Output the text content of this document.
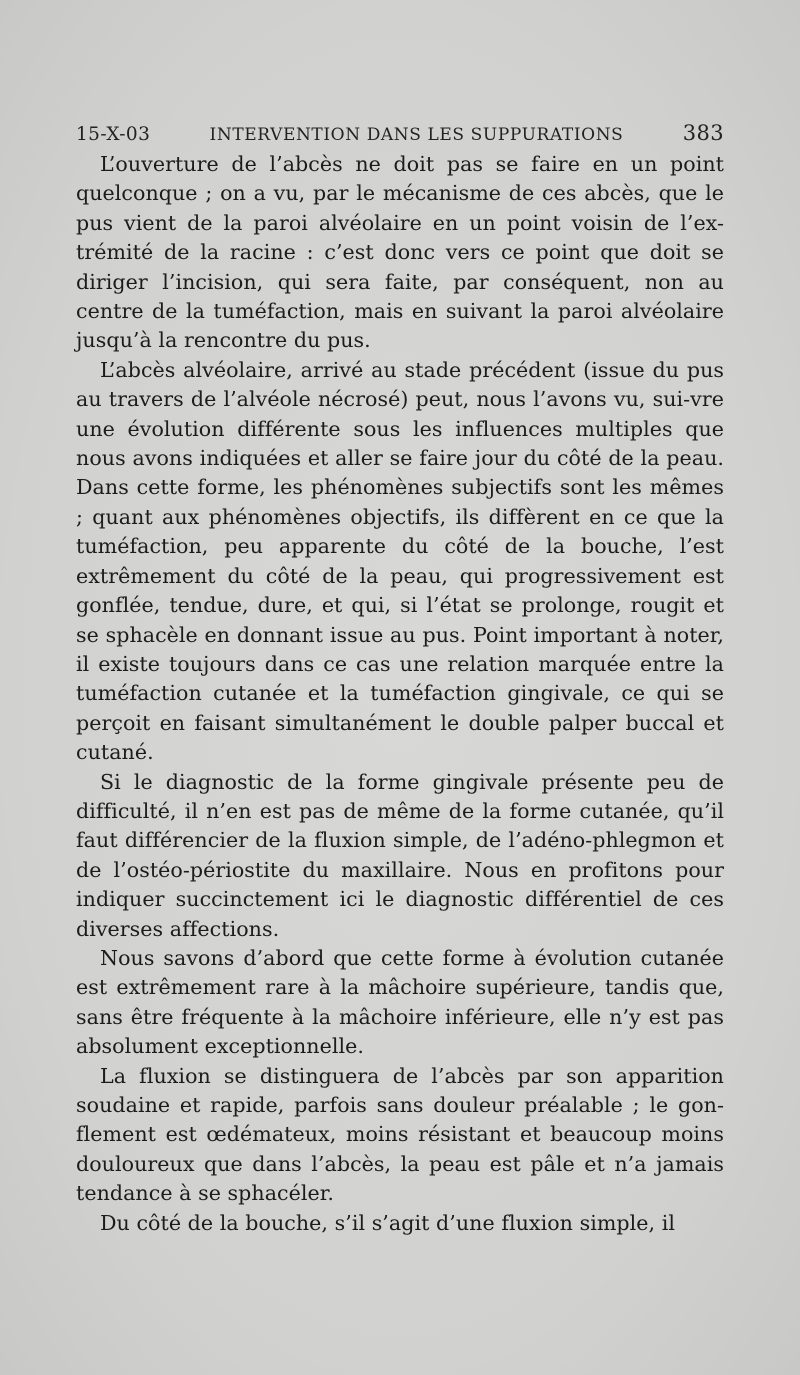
15-X-03	INTERVENTION DANS LES SUPPURATIONS	383

L’ouverture de l’abcès ne doit pas se faire en un point quelconque ; on a vu, par le mécanisme de ces abcès, que le pus vient de la paroi alvéolaire en un point voisin de l’ex-trémité de la racine : c’est donc vers ce point que doit se diriger l’incision, qui sera faite, par conséquent, non au centre de la tuméfaction, mais en suivant la paroi alvéolaire jusqu’à la rencontre du pus.

L’abcès alvéolaire, arrivé au stade précédent (issue du pus au travers de l’alvéole nécrosé) peut, nous l’avons vu, sui-vre une évolution différente sous les influences multiples que nous avons indiquées et aller se faire jour du côté de la peau. Dans cette forme, les phénomènes subjectifs sont les mêmes ; quant aux phénomènes objectifs, ils diffèrent en ce que la tuméfaction, peu apparente du côté de la bouche, l’est extrêmement du côté de la peau, qui progressivement est gonflée, tendue, dure, et qui, si l’état se prolonge, rougit et se sphacèle en donnant issue au pus. Point important à noter, il existe toujours dans ce cas une relation marquée entre la tuméfaction cutanée et la tuméfaction gingivale, ce qui se perçoit en faisant simultanément le double palper buccal et cutané.

Si le diagnostic de la forme gingivale présente peu de difficulté, il n’en est pas de même de la forme cutanée, qu’il faut différencier de la fluxion simple, de l’adéno-phlegmon et de l’ostéo-périostite du maxillaire. Nous en profitons pour indiquer succinctement ici le diagnostic différentiel de ces diverses affections.

Nous savons d’abord que cette forme à évolution cutanée est extrêmement rare à la mâchoire supérieure, tandis que, sans être fréquente à la mâchoire inférieure, elle n’y est pas absolument exceptionnelle.

La fluxion se distinguera de l’abcès par son apparition soudaine et rapide, parfois sans douleur préalable ; le gon-flement est œdémateux, moins résistant et beaucoup moins douloureux que dans l’abcès, la peau est pâle et n’a jamais tendance à se sphacéler.

Du côté de la bouche, s’il s’agit d’une fluxion simple, il
